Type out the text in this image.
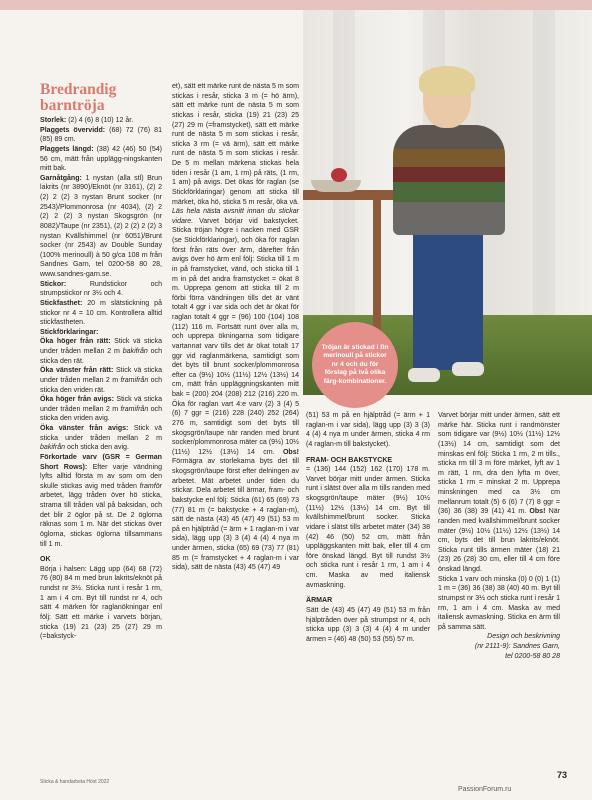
Tröjan är stickad i fin merinoull på stickor nr 4 och du för förslag på två olika färg-kombinationer.
Bredrandig
barntröja

Storlek: (2) 4 (6) 8 (10) 12 år.

Plaggets övervidd: (68) 72 (76) 81 (85) 89 cm.

Plaggets längd: (38) 42 (46) 50 (54) 56 cm, mätt från upplägg-ningskanten mitt bak.

Garnåtgång: 1 nystan (alla stl) Brun lakrits (nr 3890)/Eknöt (nr 3161), (2) 2 (2) 2 (2) 3 nystan Brunt socker (nr 2543)/Plommonrosa (nr 4034), (2) 2 (2) 2 (2) 3 nystan Skogsgrön (nr 8082)/Taupe (nr 2351), (2) 2 (2) 2 (2) 3 nystan Kvällshimmel (nr 6051)/Brunt socker (nr 2543) av Double Sunday (100% merinoull) à 50 g/ca 108 m från Sandnes Garn, tel 0200-58 80 28, www.sandnes-garn.se.

Stickor: Rundstickor och strumpstickor nr 3½ och 4.

Stickfasthet: 20 m slätstickning på stickor nr 4 = 10 cm. Kontrollera alltid stickfastheten.

Stickförklaringar:

Öka höger från rätt: Stick vä sticka under tråden mellan 2 m bakifrån och sticka den rät.

Öka vänster från rätt: Stick vä sticka under tråden mellan 2 m framifrån och sticka den vriden rät.

Öka höger från avigs: Stick vä sticka under tråden mellan 2 m framifrån och sticka den vriden avig.

Öka vänster från avigs: Stick vä sticka under tråden mellan 2 m bakifrån och sticka den avig.

Förkortade varv (GSR = German Short Rows): Efter varje vändning lyfts alltid första m av som om den skulle stickas avig med tråden framför arbetet, lägg tråden över hö sticka, strama till tråden väl på baksidan, och det blir 2 öglor på st. De 2 öglorna räknas som 1 m. När det stickas över öglorna, stickas öglorna tillsammans till 1 m.

OK

Börja i halsen: Lägg upp (64) 68 (72) 76 (80) 84 m med brun lakrits/eknöt på rundst nr 3½. Sticka runt i resår 1 rm, 1 am i 4 cm. Byt till rundst nr 4, och sätt 4 märken för raglanökningar enl följ: Sätt ett märke i varvets början, sticka (19) 21 (23) 25 (27) 29 m (=bakstyck-

et), sätt ett märke runt de nästa 5 m som stickas i resår, sticka 3 m (= hö ärm), sätt ett märke runt de nästa 5 m som stickas i resår, sticka (19) 21 (23) 25 (27) 29 m (=framstycket), sätt ett märke runt de nästa 5 m som stickas i resår, sticka 3 rm (= vä ärm), sätt ett märke runt de nästa 5 m som stickas i resår. De 5 m mellan märkena stickas hela tiden i resår (1 am, 1 rm) på räts, (1 rm, 1 am) på avigs. Det ökas för raglan (se Stickförklaringar) genom att sticka till märket, öka hö, sticka 5 m resår, öka vä. Läs hela nästa avsnitt innan du stickar vidare. Varvet börjar vid bakstycket. Sticka tröjan högre i nacken med GSR (se Stickförklaringar), och öka för raglan först från räts över ärm, därefter från avigs över hö ärm enl följ: Sticka till 1 m in på framstycket, vänd, och sticka till 1 m in på det andra framstycket = ökat 8 m. Upprepa genom att sticka till 2 m förbi förra vändningen tills det är vänt totalt 4 ggr i var sida och det är ökat för raglan totalt 4 ggr = (96) 100 (104) 108 (112) 116 m. Fortsätt runt över alla m, och upprepa ökningarna som tidigare vartannat varv tills det är ökat totalt 17 ggr vid raglanmärkena, samtidigt som det byts till brunt socker/plommonrosa efter ca (9½) 10½ (11½) 12½ (13½) 14 cm, mätt från uppläggningskanten mitt bak = (200) 204 (208) 212 (216) 220 m. Öka för raglan vart 4:e varv (2) 3 (4) 5 (6) 7 ggr = (216) 228 (240) 252 (264) 276 m, samtidigt som det byts till skogsgrön/taupe när randen med brunt socker/plommonrosa mäter ca (9½) 10½ (11½) 12½ (13½) 14 cm. Obs! Förmägra av storlekarna byts det till skogsgrön/taupe först efter delningen av arbetet. Mät arbetet under tiden du stickar. Dela arbetet till ärmar, fram- och bakstycke enl följ: Sticka (61) 65 (69) 73 (77) 81 m (= bakstycke + 4 raglan-m), sätt de nästa (43) 45 (47) 49 (51) 53 m på en hjälptråd (= ärm + 1 raglan-m i var sida), lägg upp (3) 3 (4) 4 (4) 4 nya m under ärmen, sticka (65) 69 (73) 77 (81) 85 m (= framstycket + 4 raglan-m i var sida), sätt de nästa (43) 45 (47) 49

(51) 53 m på en hjälptråd (= ärm + 1 raglan-m i var sida), lägg upp (3) 3 (3) 4 (4) 4 nya m under ärmen, sticka 4 rm (4 raglan-m till bakstycket).

FRAM- OCH BAKSTYCKE

= (136) 144 (152) 162 (170) 178 m. Varvet börjar mitt under ärmen. Sticka runt i slätst över alla m tills randen med skogsgrön/taupe mäter (9½) 10½ (11½) 12½ (13½) 14 cm. Byt till kvällshimmel/brunt socker. Sticka vidare i slätst tills arbetet mäter (34) 38 (42) 46 (50) 52 cm, mätt från uppläggskanten mitt bak, eller till 4 cm före önskad längd. Byt till rundst 3½ och sticka runt i resår 1 rm, 1 am i 4 cm. Maska av med italiensk avmaskning.

ÄRMAR

Sätt de (43) 45 (47) 49 (51) 53 m från hjälptråden över på strumpst nr 4, och sticka upp (3) 3 (3) 4 (4) 4 m under ärmen = (46) 48 (50) 53 (55) 57 m.

Varvet börjar mitt under ärmen, sätt ett märke här. Sticka runt i randmönster som tidigare var (9½) 10½ (11½) 12½ (13½) 14 cm, samtidigt som det minskas enl följ: Sticka 1 rm, 2 m tills., sticka rm till 3 m före märket, lyft av 1 m rätt, 1 rm, dra den lyfta m över, sticka 1 rm = minskat 2 m. Upprepa minskningen med ca 3½ cm mellanrum totalt (5) 6 (6) 7 (7) 8 ggr = (36) 36 (38) 39 (41) 41 m. Obs! När randen med kvällshimmel/brunt socker mäter (9½) 10½ (11½) 12½ (13½) 14 cm, byts det till brun lakrits/eknöt. Sticka runt tills ärmen mäter (18) 21 (23) 26 (28) 30 cm, eller till 4 cm före önskad längd.

Sticka 1 varv och minska (0) 0 (0) 1 (1) 1 m = (36) 36 (38) 38 (40) 40 m. Byt till strumpst nr 3½ och sticka runt i resår 1 rm, 1 am i 4 cm. Maska av med italiensk avmaskning. Sticka en ärm till på samma sätt.

Design och beskrivning
(nr 2111-9): Sandnes Garn,
tel 0200-58 80 28

Sticka & handarbeta Höst 2022
73
PassionForum.ru
